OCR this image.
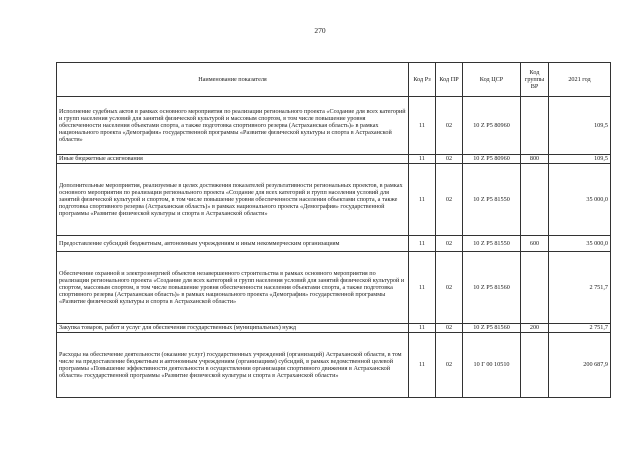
270
Наименование показателя	Код Рз	Код ПР	Код ЦСР	Код группы ВР	2021 год
Исполнение судебных актов в рамках основного мероприятия по реализации регионального проекта «Создание для всех категорий и групп населения условий для занятий физической культурой и массовым спортом, в том числе повышение уровня обеспеченности населения объектами спорта, а также подготовка спортивного резерва (Астраханская область)» в рамках национального проекта «Демография» государственной программы «Развитие физической культуры и спорта в Астраханской области»	11	02	10 Z P5 80960		109,5
Иные бюджетные ассигнования	11	02	10 Z P5 80960	800	109,5
Дополнительные мероприятия, реализуемые в целях достижения показателей результативности региональных проектов, в рамках основного мероприятия по реализации регионального проекта «Создание для всех категорий и групп населения условий для занятий физической культурой и спортом, в том числе повышение уровня обеспеченности населения объектами спорта, а также подготовка спортивного резерва (Астраханская область)» в рамках национального проекта «Демография» государственной программы «Развитие физической культуры и спорта в Астраханской области»	11	02	10 Z P5 81550		35 000,0
Предоставление субсидий бюджетным, автономным учреждениям и иным некоммерческим организациям	11	02	10 Z P5 81550	600	35 000,0
Обеспечение охранной и электроэнергией объектов незавершенного строительства в рамках основного мероприятия по реализации регионального проекта «Создание для всех категорий и групп населения условий для занятий физической культурой и спортом, массовым спортом, в том числе повышение уровня обеспеченности населения объектами спорта, а также подготовка спортивного резерва (Астраханская область)» в рамках национального проекта «Демография» государственной программы «Развитие физической культуры и спорта в Астраханской области»	11	02	10 Z P5 81560		2 751,7
Закупка товаров, работ и услуг для обеспечения государственных (муниципальных) нужд	11	02	10 Z P5 81560	200	2 751,7
Расходы на обеспечение деятельности (оказание услуг) государственных учреждений (организаций) Астраханской области, в том числе на предоставление бюджетным и автономным учреждениям (организациям) субсидий, в рамках ведомственной целевой программы «Повышение эффективности деятельности в осуществлении организации спортивного движения в Астраханской области» государственной программы «Развитие физической культуры и спорта в Астраханской области»	11	02	10 Г 00 10510		200 687,9
